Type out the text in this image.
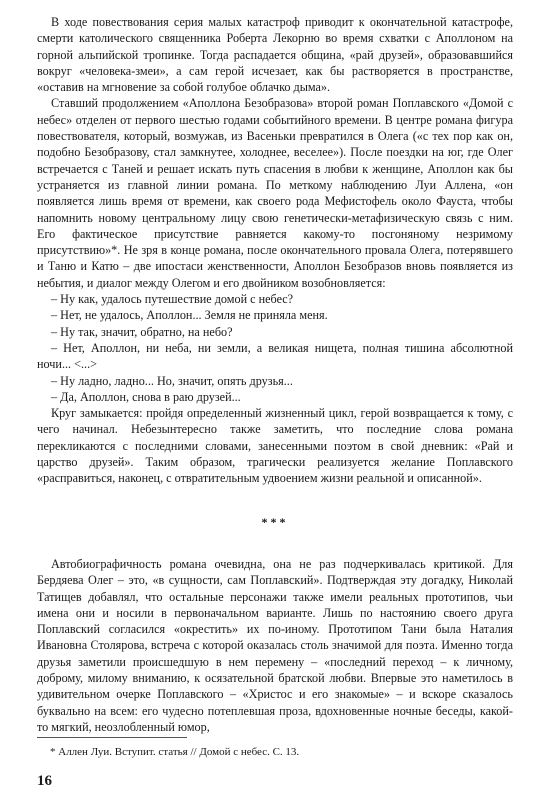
В ходе повествования серия малых катастроф приводит к окончательной катастрофе, смерти католического священника Роберта Лекорню во время схватки с Аполлоном на горной альпийской тропинке. Тогда распадается община, «рай друзей», образовавшийся вокруг «человека-змеи», а сам герой исчезает, как бы растворяется в пространстве, «оставив на мгновение за собой голубое облачко дыма».

Ставший продолжением «Аполлона Безобразова» второй роман Поплавского «Домой с небес» отделен от первого шестью годами событийного времени. В центре романа фигура повествователя, который, возмужав, из Васеньки превратился в Олега («с тех пор как он, подобно Безобразову, стал замкнутее, холоднее, веселее»). После поездки на юг, где Олег встречается с Таней и решает искать путь спасения в любви к женщине, Аполлон как бы устраняется из главной линии романа. По меткому наблюдению Луи Аллена, «он появляется лишь время от времени, как своего рода Мефистофель около Фауста, чтобы напомнить новому центральному лицу свою генетически-метафизическую связь с ним. Его фактическое присутствие равняется какому-то посгоняному незримому присутствию»*. Не зря в конце романа, после окончательного провала Олега, потерявшего и Таню и Катю – две ипостаси женственности, Аполлон Безобразов вновь появляется из небытия, и диалог между Олегом и его двойником возобновляется:

– Ну как, удалось путешествие домой с небес?

– Нет, не удалось, Аполлон... Земля не приняла меня.

– Ну так, значит, обратно, на небо?

– Нет, Аполлон, ни неба, ни земли, а великая нищета, полная тишина абсолютной ночи... <...>

– Ну ладно, ладно... Но, значит, опять друзья...

– Да, Аполлон, снова в раю друзей...

Круг замыкается: пройдя определенный жизненный цикл, герой возвращается к тому, с чего начинал. Небезынтересно также заметить, что последние слова романа перекликаются с последними словами, занесенными поэтом в свой дневник: «Рай и царство друзей». Таким образом, трагически реализуется желание Поплавского «расправиться, наконец, с отвратительным удвоением жизни реальной и описанной».

***

Автобиографичность романа очевидна, она не раз подчеркивалась критикой. Для Бердяева Олег – это, «в сущности, сам Поплавский». Подтверждая эту догадку, Николай Татищев добавлял, что остальные персонажи также имели реальных прототипов, чьи имена они и носили в первоначальном варианте. Лишь по настоянию своего друга Поплавский согласился «окрестить» их по-иному. Прототипом Тани была Наталия Ивановна Столярова, встреча с которой оказалась столь значимой для поэта. Именно тогда друзья заметили происшедшую в нем перемену – «последний переход – к личному, доброму, милому вниманию, к осязательной братской любви. Впервые это наметилось в удивительном очерке Поплавского – «Христос и его знакомые» – и вскоре сказалось буквально на всем: его чудесно потеплевшая проза, вдохновенные ночные беседы, какой-то мягкий, неозлобленный юмор,

* Аллен Луи. Вступит. статья // Домой с небес. С. 13.
16
